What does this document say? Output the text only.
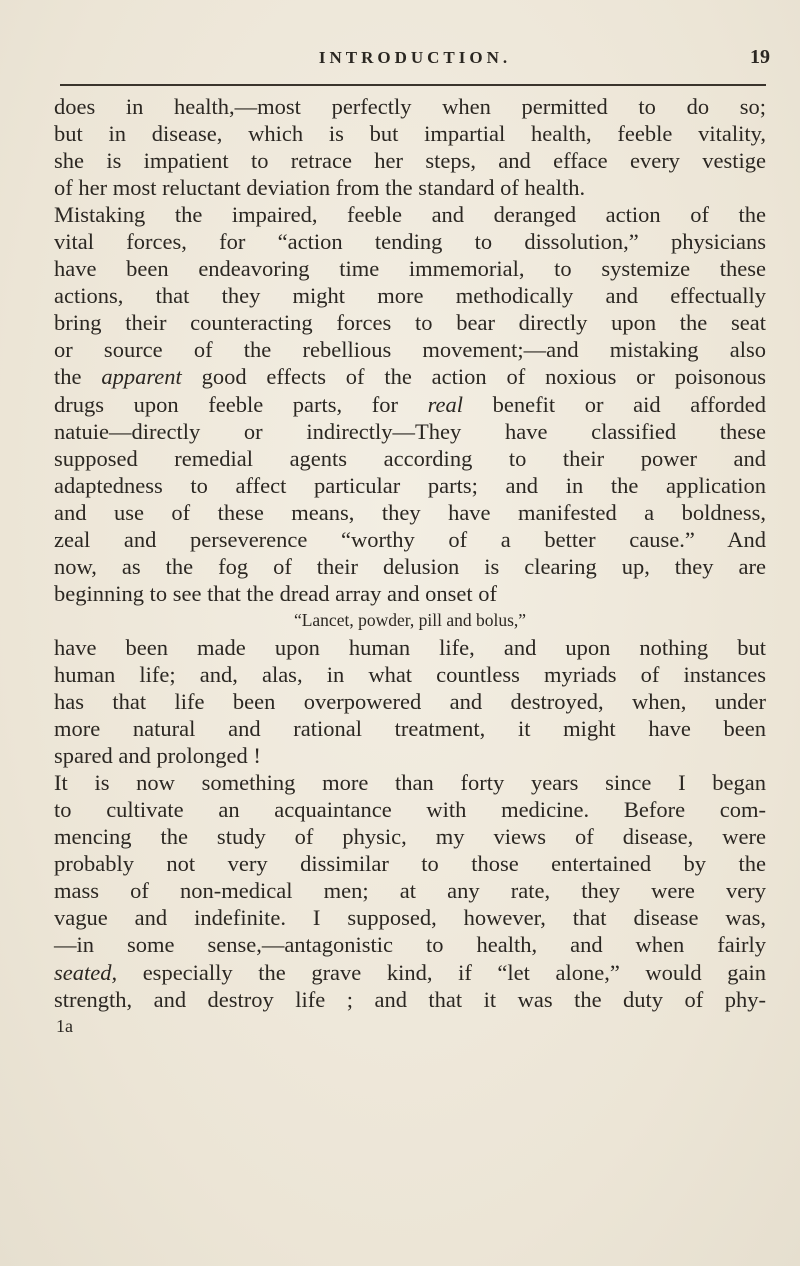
INTRODUCTION.	19
does in health,—most perfectly when permitted to do so;
but in disease, which is but impartial health, feeble vitality,
she is impatient to retrace her steps, and efface every vestige
of her most reluctant deviation from the standard of health.
Mistaking the impaired, feeble and deranged action of the
vital forces, for “action tending to dissolution,” physicians
have been endeavoring time immemorial, to systemize these
actions, that they might more methodically and effectually
bring their counteracting forces to bear directly upon the seat
or source of the rebellious movement;—and mistaking also
the apparent good effects of the action of noxious or poisonous
drugs upon feeble parts, for real benefit or aid afforded
natuie—directly or indirectly—They have classified these
supposed remedial agents according to their power and
adaptedness to affect particular parts; and in the application
and use of these means, they have manifested a boldness,
zeal and perseverence “worthy of a better cause.” And
now, as the fog of their delusion is clearing up, they are
beginning to see that the dread array and onset of
“Lancet, powder, pill and bolus,”
have been made upon human life, and upon nothing but
human life; and, alas, in what countless myriads of instances
has that life been overpowered and destroyed, when, under
more natural and rational treatment, it might have been
spared and prolonged !
It is now something more than forty years since I began
to cultivate an acquaintance with medicine. Before com-
mencing the study of physic, my views of disease, were
probably not very dissimilar to those entertained by the
mass of non-medical men; at any rate, they were very
vague and indefinite. I supposed, however, that disease was,
—in some sense,—antagonistic to health, and when fairly
seated, especially the grave kind, if “let alone,” would gain
strength, and destroy life ; and that it was the duty of phy-
1a
